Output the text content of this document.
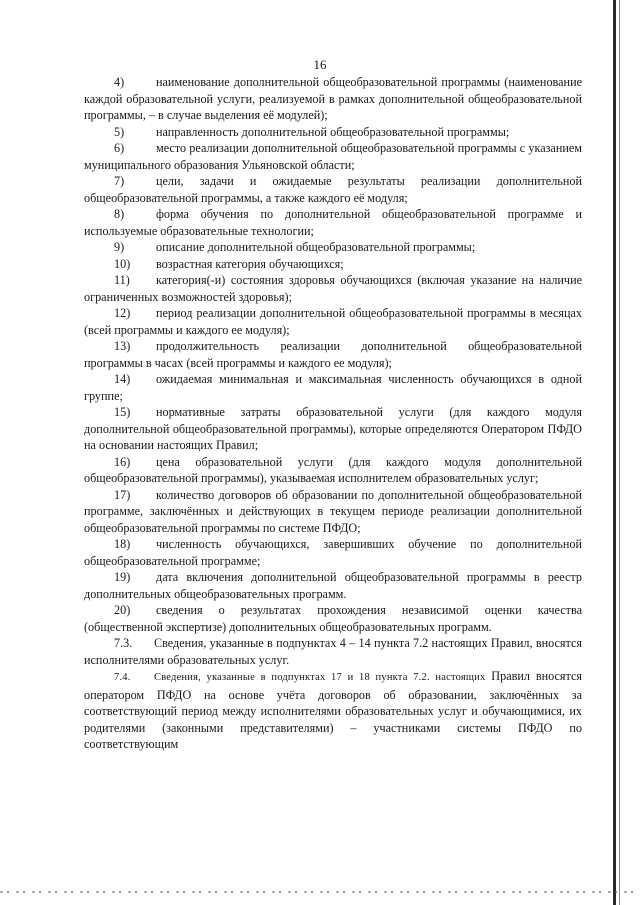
16

4)	наименование дополнительной общеобразовательной программы (наименование каждой образовательной услуги, реализуемой в рамках дополнительной общеобразовательной программы, – в случае выделения её модулей);

5)	направленность дополнительной общеобразовательной программы;

6)	место реализации дополнительной общеобразовательной программы с указанием муниципального образования Ульяновской области;

7)	цели, задачи и ожидаемые результаты реализации дополнительной общеобразовательной программы, а также каждого её модуля;

8)	форма обучения по дополнительной общеобразовательной программе и используемые образовательные технологии;

9)	описание дополнительной общеобразовательной программы;

10) возрастная категория обучающихся;

11) категория(-и) состояния здоровья обучающихся (включая указание на наличие ограниченных возможностей здоровья);

12) период реализации дополнительной общеобразовательной программы в месяцах (всей программы и каждого ее модуля);

13) продолжительность реализации дополнительной общеобразовательной программы в часах (всей программы и каждого ее модуля);

14) ожидаемая минимальная и максимальная численность обучающихся в одной группе;

15) нормативные затраты образовательной услуги (для каждого модуля дополнительной общеобразовательной программы), которые определяются Оператором ПФДО на основании настоящих Правил;

16) цена образовательной услуги (для каждого модуля дополнительной общеобразовательной программы), указываемая исполнителем образовательных услуг;

17) количество договоров об образовании по дополнительной общеобразовательной программе, заключённых и действующих в текущем периоде реализации дополнительной общеобразовательной программы по системе ПФДО;

18) численность обучающихся, завершивших обучение по дополнительной общеобразовательной программе;

19) дата включения дополнительной общеобразовательной программы в реестр дополнительных общеобразовательных программ.

20) сведения о результатах прохождения независимой оценки качества (общественной экспертизе) дополнительных общеобразовательных программ.

7.3. Сведения, указанные в подпунктах 4 – 14 пункта 7.2 настоящих Правил, вносятся исполнителями образовательных услуг.

7.4. Сведения, указанные в подпунктах 17 и 18 пункта 7.2. настоящих Правил вносятся оператором ПФДО на основе учёта договоров об образовании, заключённых за соответствующий период между исполнителями образовательных услуг и обучающимися, их родителями (законными представителями) – участниками системы ПФДО по соответствующим
